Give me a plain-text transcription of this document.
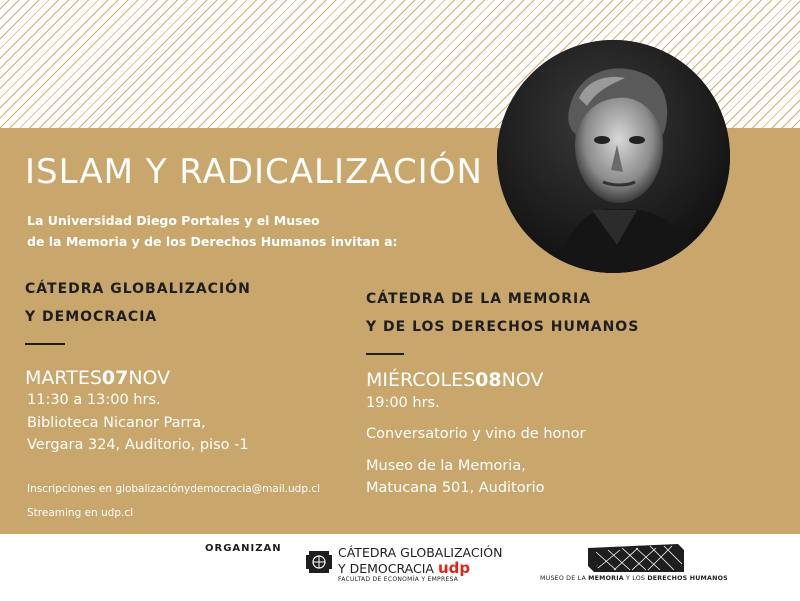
ISLAM Y RADICALIZACIÓN
La Universidad Diego Portales y el Museo
de la Memoria y de los Derechos Humanos invitan a:
CÁTEDRA GLOBALIZACIÓN
Y DEMOCRACIA
MARTES07NOV
11:30 a 13:00 hrs.
Biblioteca Nicanor Parra,
Vergara 324, Auditorio, piso -1
Inscripciones en globalizaciónydemocracia@mail.udp.cl
Streaming en udp.cl
CÁTEDRA DE LA MEMORIA
Y DE LOS DERECHOS HUMANOS
MIÉRCOLES08NOV
19:00 hrs.
Conversatorio y vino de honor
Museo de la Memoria,
Matucana 501, Auditorio
ORGANIZAN	CÁTEDRA GLOBALIZACIÓN
Y DEMOCRACIA udp
FACULTAD DE ECONOMÍA Y EMPRESA	MUSEO DE LA MEMORIA Y LOS DERECHOS HUMANOS
